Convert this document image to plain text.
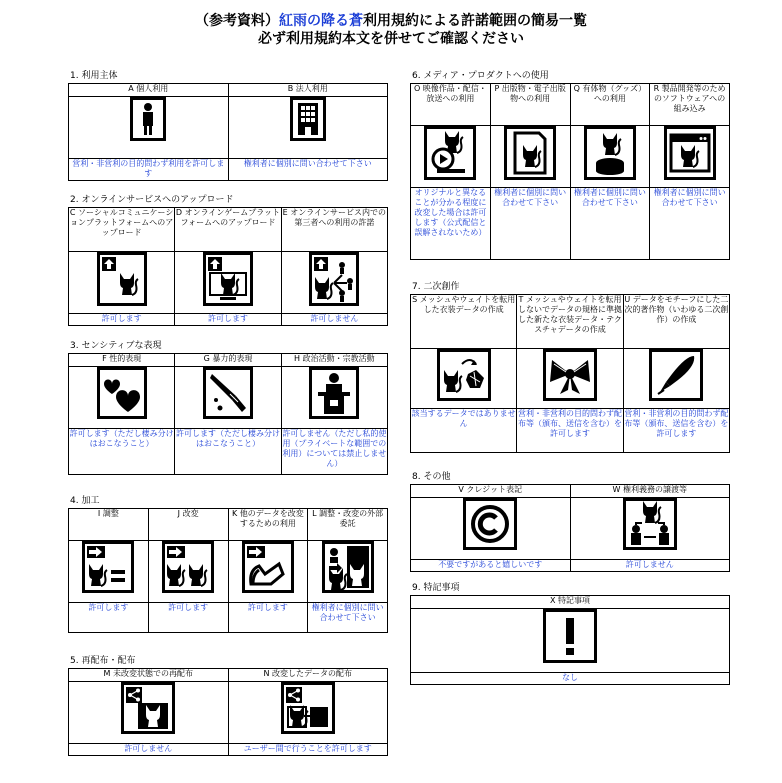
（参考資料）紅雨の降る蒼利用規約による許諾範囲の簡易一覧
必ず利用規約本文を併せてご確認ください
1. 利用主体
A 個人利用	B 法人利用

営利・非営利の目的問わず利用を許可します	権利者に個別に問い合わせて下さい
2. オンラインサービスへのアップロード
C ソーシャルコミュニケーションプラットフォームへのアップロード	D オンラインゲームプラットフォームへのアップロード	E オンラインサービス内での第三者への利用の許諾

許可します	許可します	許可しません
3. センシティブな表現
F 性的表現	G 暴力的表現	H 政治活動・宗教活動

許可します（ただし棲み分けはおこなうこと）	許可します（ただし棲み分けはおこなうこと）	許可しません（ただし私的使用（プライベートな範囲での利用）については禁止しません）
4. 加工
I 調整	J 改変	K 他のデータを改変するための利用	L 調整・改変の外部委託

許可します	許可します	許可します	権利者に個別に問い合わせて下さい
5. 再配布・配布
M 未改変状態での再配布	N 改変したデータの配布

許可しません	ユーザー間で行うことを許可します
6. メディア・プロダクトへの使用
O 映像作品・配信・放送への利用	P 出版物・電子出版物への利用	Q 有体物（グッズ）への利用	R 製品開発等のためのソフトウェアへの組み込み

オリジナルと異なることが分かる程度に改変した場合は許可します（公式配信と誤解されないため）	権利者に個別に問い合わせて下さい	権利者に個別に問い合わせて下さい	権利者に個別に問い合わせて下さい
7. 二次創作
S メッシュやウェイトを転用した衣装データの作成	T メッシュやウェイトを転用しないでデータの規格に準拠した新たな衣装データ・テクスチャデータの作成	U データをモチーフにした二次的著作物（いわゆる二次創作）の作成

該当するデータではありません	営利・非営利の目的問わず配布等（頒布、送信を含む）を許可します	営利・非営利の目的問わず配布等（頒布、送信を含む）を許可します
8. その他
V クレジット表記	W 権利義務の譲渡等

不要ですがあると嬉しいです	許可しません
9. 特記事項
X 特記事項

なし
